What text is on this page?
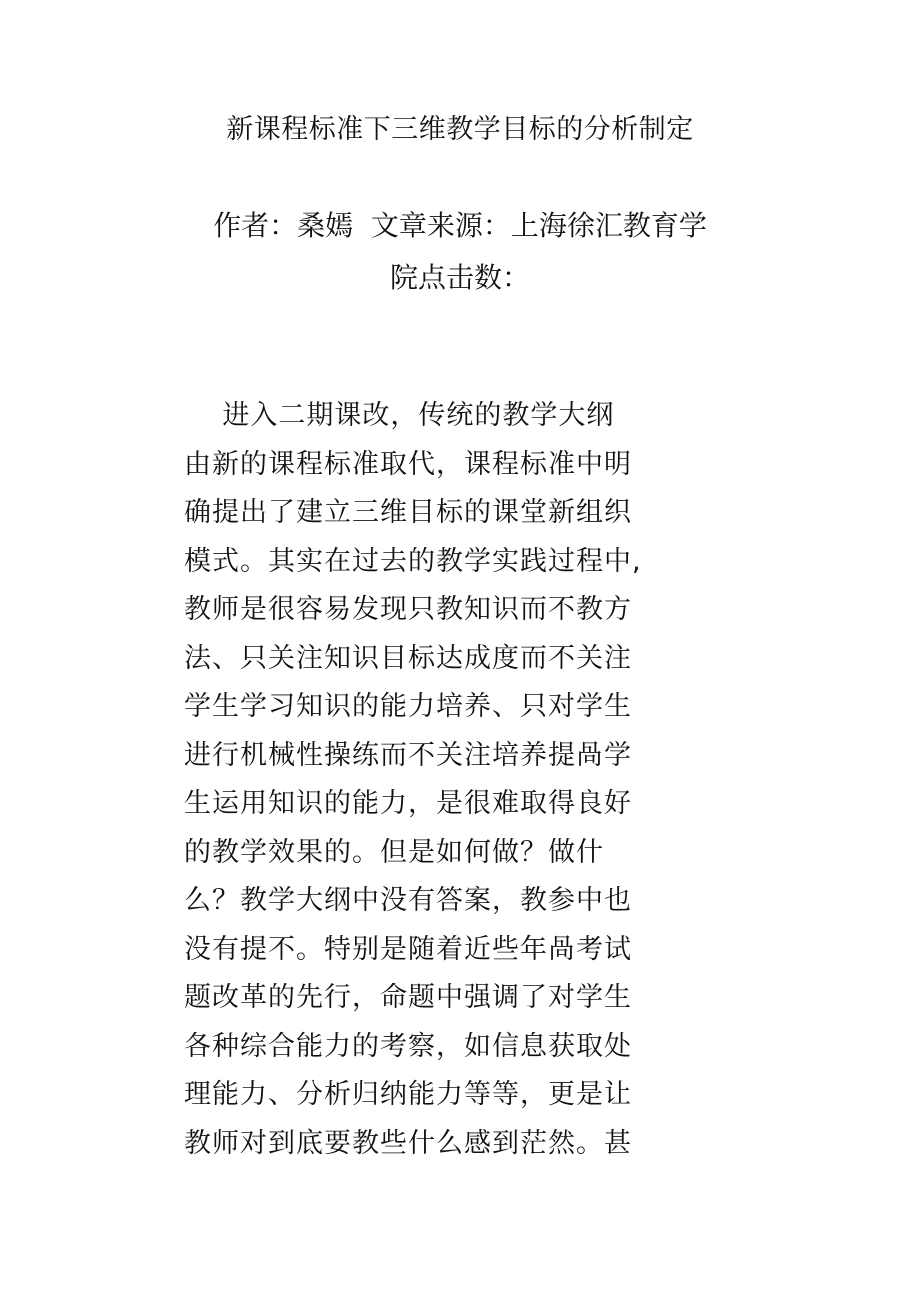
新课程标准下三维教学目标的分析制定
作者：桑嫣  文章来源：上海徐汇教育学
院点击数：
进入二期课改，传统的教学大纲
由新的课程标准取代，课程标准中明
确提出了建立三维目标的课堂新组织
模式。其实在过去的教学实践过程中,
教师是很容易发现只教知识而不教方
法、只关注知识目标达成度而不关注
学生学习知识的能力培养、只对学生
进行机械性操练而不关注培养提咼学
生运用知识的能力，是很难取得良好
的教学效果的。但是如何做？做什
么？教学大纲中没有答案，教参中也
没有提不。特别是随着近些年咼考试
题改革的先行，命题中强调了对学生
各种综合能力的考察，如信息获取处
理能力、分析归纳能力等等，更是让
教师对到底要教些什么感到茫然。甚
